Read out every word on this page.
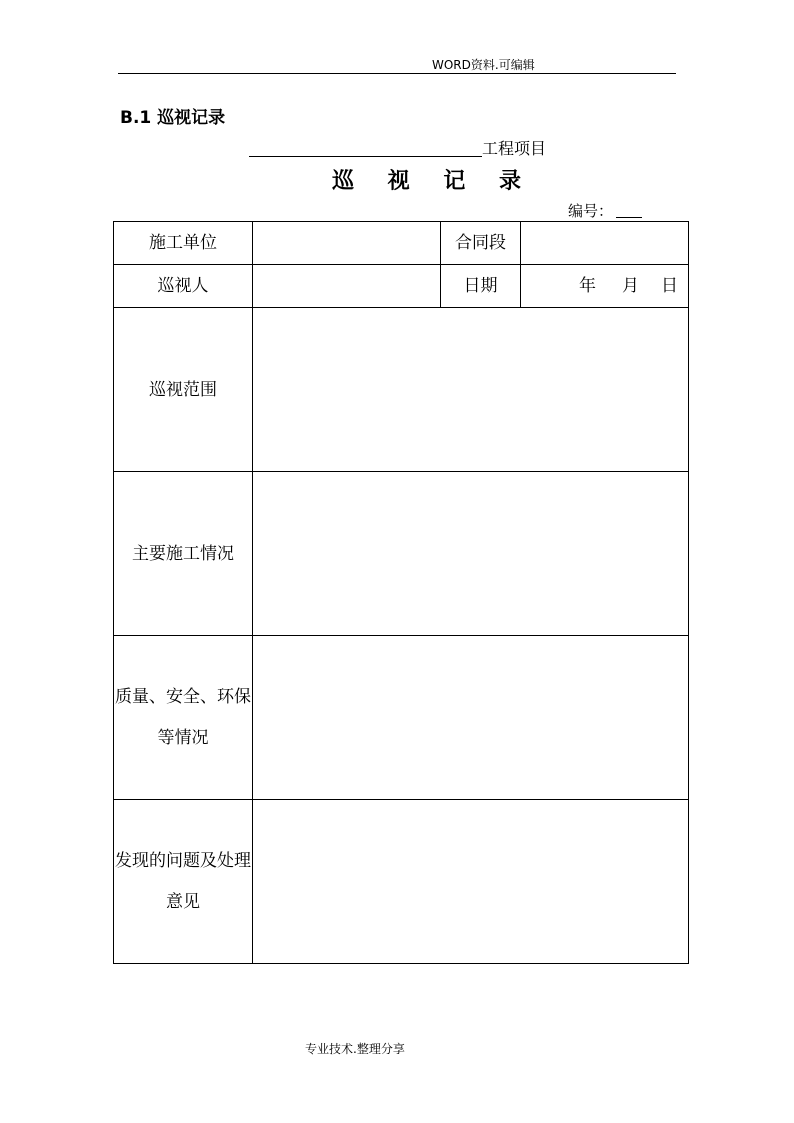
WORD资料.可编辑
B.1 巡视记录
工程项目
巡 视 记 录
编号：
施工单位		合同段	
巡视人		日期	年 月 日
巡视范围			
主要施工情况			
质量、安全、环保等情况			
发现的问题及处理意见			
专业技术.整理分享
